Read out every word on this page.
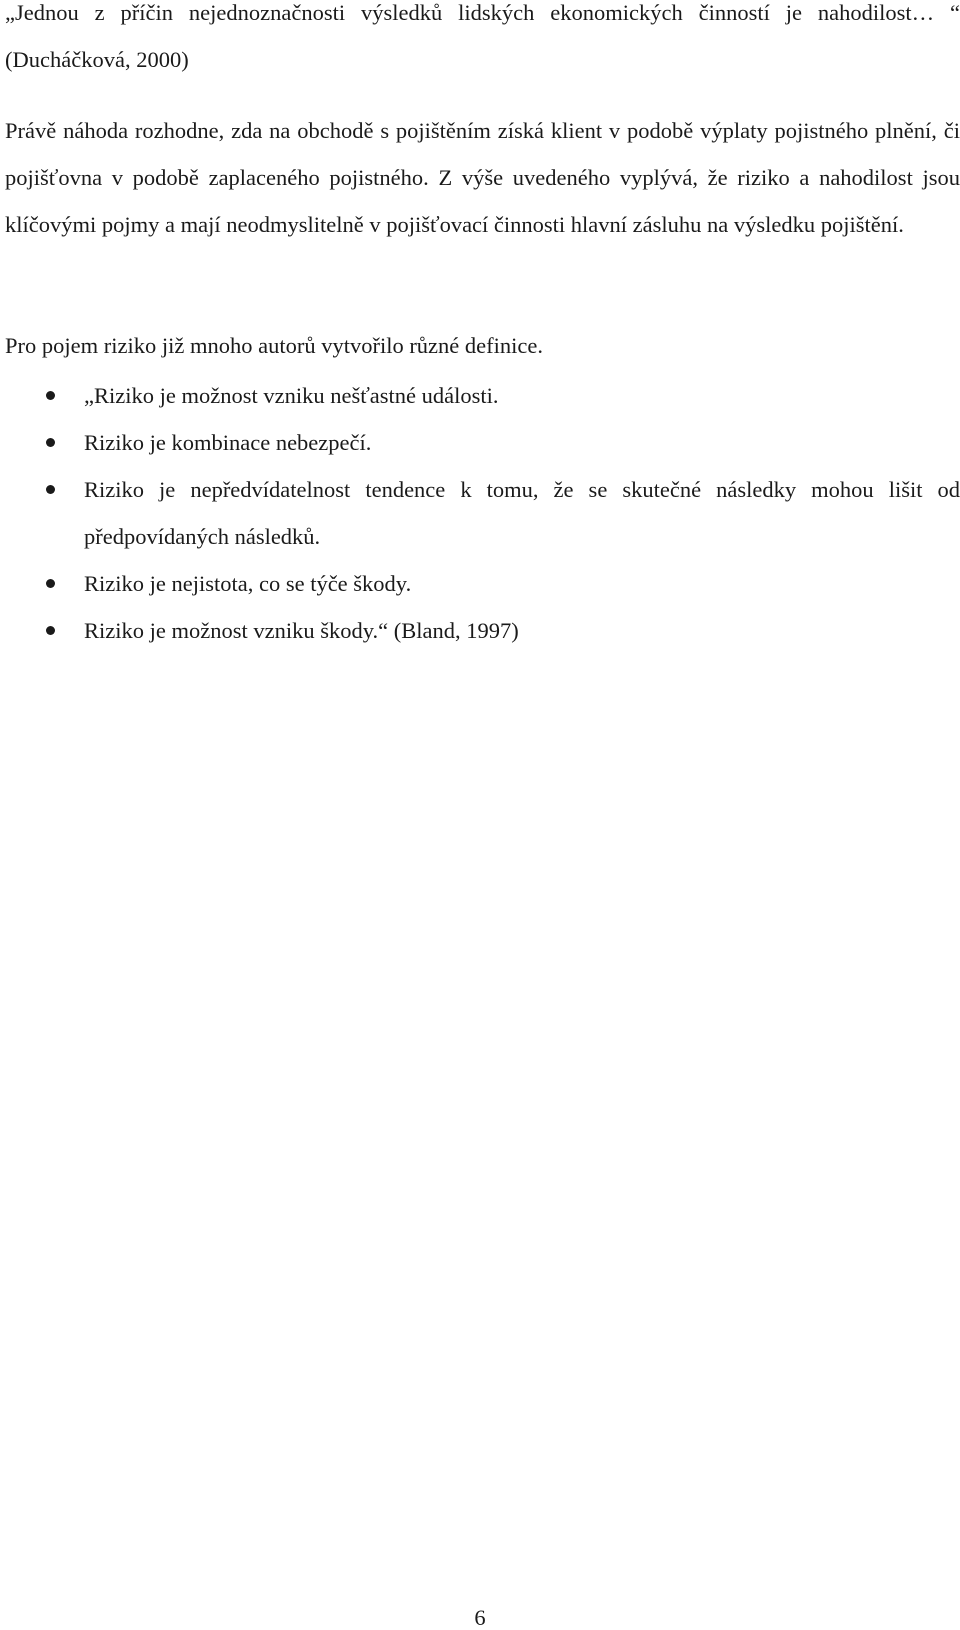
„Jednou z příčin nejednoznačnosti výsledků lidských ekonomických činností je nahodilost… “ (Ducháčková, 2000)

Právě náhoda rozhodne, zda na obchodě s pojištěním získá klient v podobě výplaty pojistného plnění, či pojišťovna v podobě zaplaceného pojistného. Z výše uvedeného vyplývá, že riziko a nahodilost jsou klíčovými pojmy a mají neodmyslitelně v pojišťovací činnosti hlavní zásluhu na výsledku pojištění.

Pro pojem riziko již mnoho autorů vytvořilo různé definice.

„Riziko je možnost vzniku nešťastné události.
Riziko je kombinace nebezpečí.
Riziko je nepředvídatelnost tendence k tomu, že se skutečné následky mohou lišit od předpovídaných následků.
Riziko je nejistota, co se týče škody.
Riziko je možnost vzniku škody.“ (Bland, 1997)
6
